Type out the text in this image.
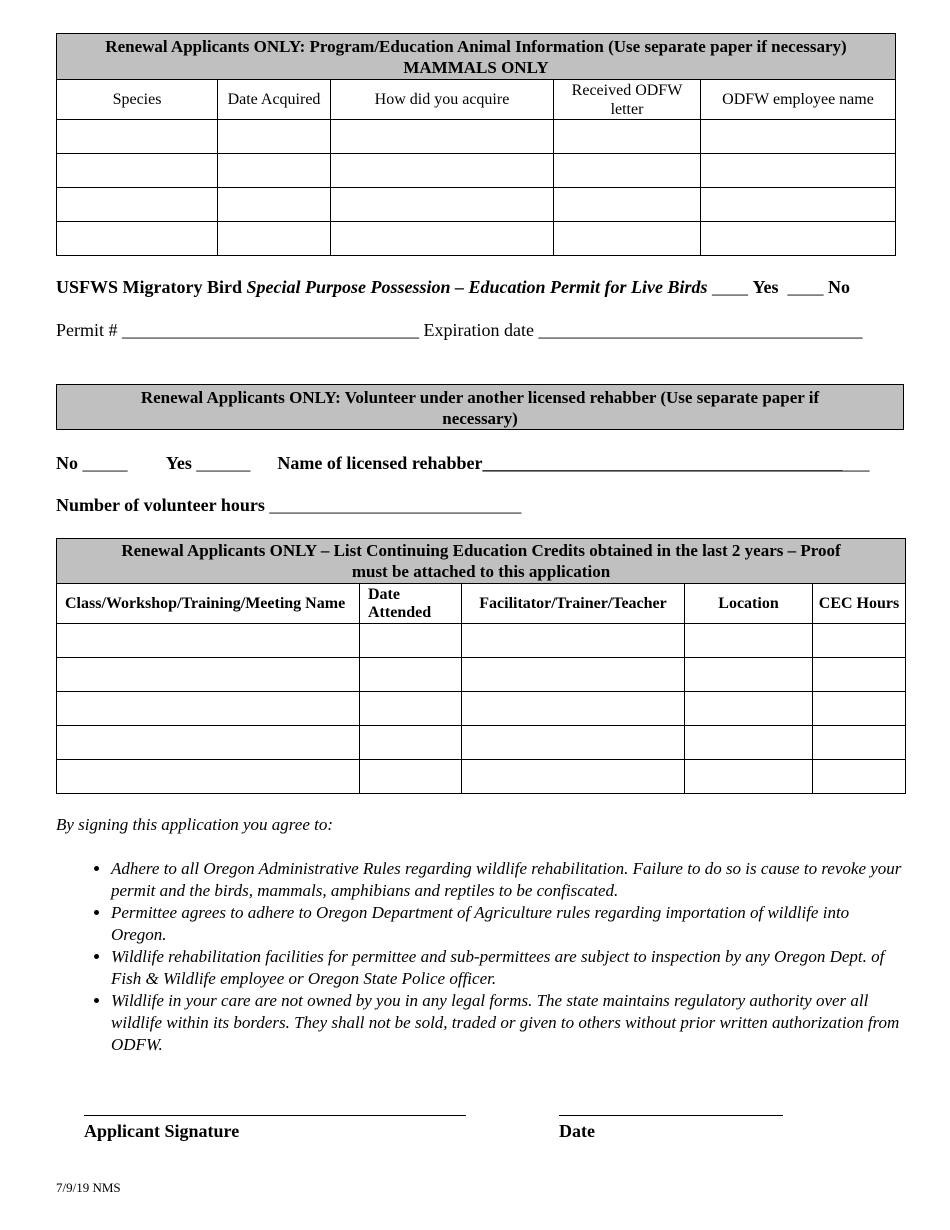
Renewal Applicants ONLY: Program/Education Animal Information (Use separate paper if necessary)
MAMMALS ONLY				

Species	Date Acquired	How did you acquire	Received ODFW letter	ODFW employee name

USFWS Migratory Bird Special Purpose Possession – Education Permit for Live Birds ____ Yes ____ No
Permit # _________________________________ Expiration date ____________________________________
Renewal Applicants ONLY: Volunteer under another licensed rehabber (Use separate paper if
necessary)
No _____ Yes ______ Name of licensed rehabber___________________________________________
Number of volunteer hours ____________________________
Renewal Applicants ONLY – List Continuing Education Credits obtained in the last 2 years – Proof
must be attached to this application				

Class/Workshop/Training/Meeting Name	Date Attended	Facilitator/Trainer/Teacher	Location	CEC Hours

By signing this application you agree to:
• Adhere to all Oregon Administrative Rules regarding wildlife rehabilitation. Failure to do so is cause to revoke your permit and the birds, mammals, amphibians and reptiles to be confiscated.
• Permittee agrees to adhere to Oregon Department of Agriculture rules regarding importation of wildlife into Oregon.
• Wildlife rehabilitation facilities for permittee and sub-permittees are subject to inspection by any Oregon Dept. of Fish & Wildlife employee or Oregon State Police officer.
• Wildlife in your care are not owned by you in any legal forms. The state maintains regulatory authority over all wildlife within its borders. They shall not be sold, traded or given to others without prior written authorization from ODFW.
Applicant Signature	Date
7/9/19 NMS
